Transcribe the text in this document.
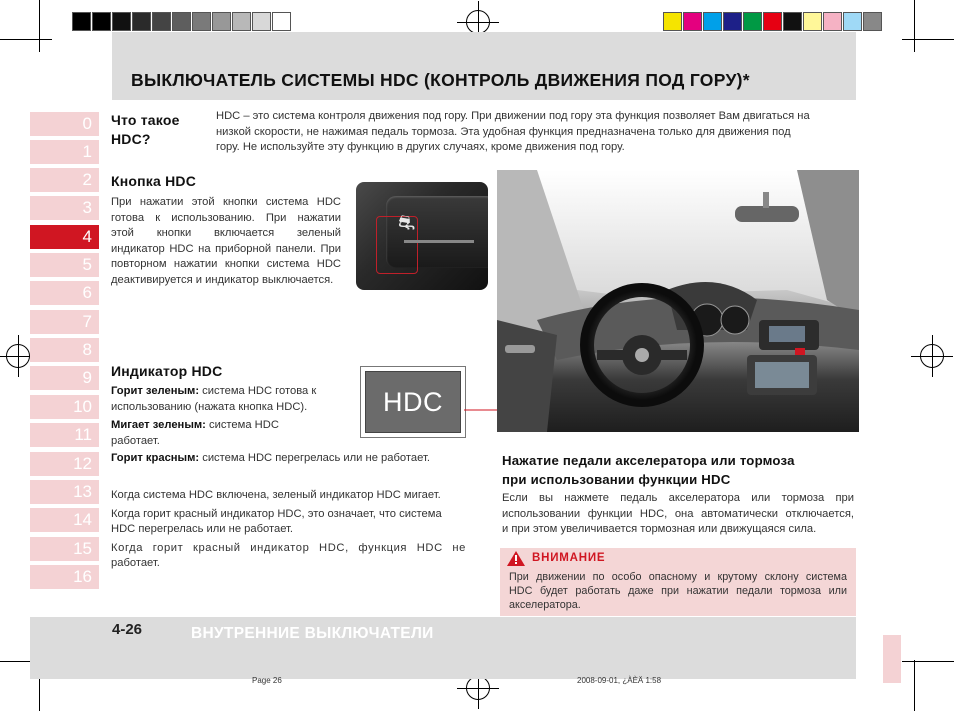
ВЫКЛЮЧАТЕЛЬ СИСТЕМЫ HDC (КОНТРОЛЬ ДВИЖЕНИЯ ПОД ГОРУ)*
0
1
2
3
4
5
6
7
8
9
10
11
12
13
14
15
16
Что такое
HDC?
HDC – это система контроля движения под гору. При движении под гору эта функция позволяет Вам двигаться на
низкой скорости, не нажимая педаль тормоза. Эта удобная функция предназначена только для движения под
гору. Не используйте эту функцию в других случаях, кроме движения под гору.
Кнопка HDC
При нажатии этой кнопки система HDC
готова к использованию. При нажатии
этой кнопки включается зеленый
индикатор HDC на приборной панели. При
повторном нажатии кнопки система HDC
деактивируется и индикатор выключается.
⛐
Индикатор HDC
Горит зеленым: система HDC готова к
использованию (нажата кнопка HDC).
Мигает зеленым: система HDC
работает.
Горит красным: система HDC перегрелась или не работает.
HDC
Когда система HDC включена, зеленый индикатор HDC мигает.
Когда горит красный индикатор HDC, это означает, что система
HDC перегрелась или не работает.
Когда горит красный индикатор HDC, функция HDC не
работает.
Нажатие педали акселератора или тормоза
при использовании функции HDC
Если вы нажмете педаль акселератора или тормоза при
использовании функции HDC, она автоматически отключается,
и при этом увеличивается тормозная или движущаяся сила.
ВНИМАНИЕ
При движении по особо опасному и крутому склону система
HDC будет работать даже при нажатии педали тормоза или
акселератора.
4-26	ВНУТРЕННИЕ ВЫКЛЮЧАТЕЛИ
Page 26	2008-09-01, ¿ÀÈÄ 1:58
